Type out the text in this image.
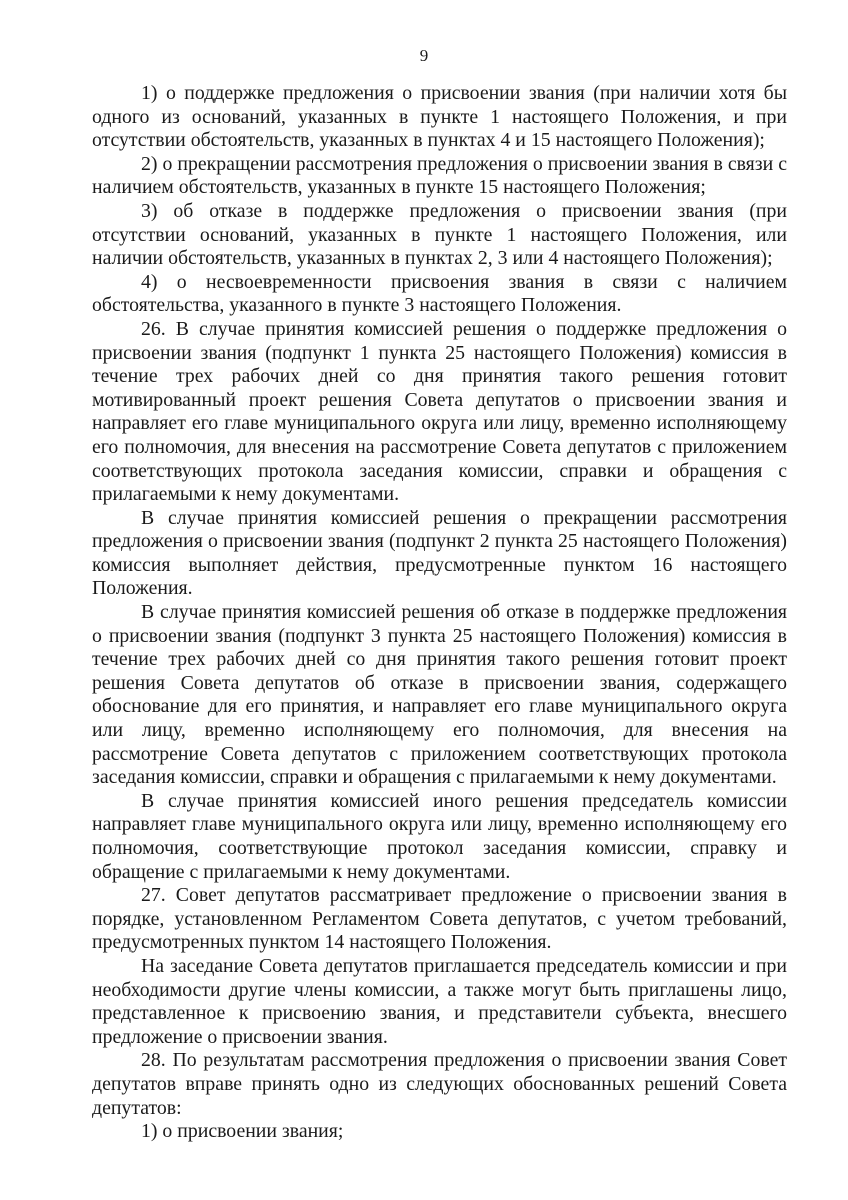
9

1) о поддержке предложения о присвоении звания (при наличии хотя бы одного из оснований, указанных в пункте 1 настоящего Положения, и при отсутствии обстоятельств, указанных в пунктах 4 и 15 настоящего Положения);

2) о прекращении рассмотрения предложения о присвоении звания в связи с наличием обстоятельств, указанных в пункте 15 настоящего Положения;

3) об отказе в поддержке предложения о присвоении звания (при отсутствии оснований, указанных в пункте 1 настоящего Положения, или наличии обстоятельств, указанных в пунктах 2, 3 или 4 настоящего Положения);

4) о несвоевременности присвоения звания в связи с наличием обстоятельства, указанного в пункте 3 настоящего Положения.

26. В случае принятия комиссией решения о поддержке предложения о присвоении звания (подпункт 1 пункта 25 настоящего Положения) комиссия в течение трех рабочих дней со дня принятия такого решения готовит мотивированный проект решения Совета депутатов о присвоении звания и направляет его главе муниципального округа или лицу, временно исполняющему его полномочия, для внесения на рассмотрение Совета депутатов с приложением соответствующих протокола заседания комиссии, справки и обращения с прилагаемыми к нему документами.

В случае принятия комиссией решения о прекращении рассмотрения предложения о присвоении звания (подпункт 2 пункта 25 настоящего Положения) комиссия выполняет действия, предусмотренные пунктом 16 настоящего Положения.

В случае принятия комиссией решения об отказе в поддержке предложения о присвоении звания (подпункт 3 пункта 25 настоящего Положения) комиссия в течение трех рабочих дней со дня принятия такого решения готовит проект решения Совета депутатов об отказе в присвоении звания, содержащего обоснование для его принятия, и направляет его главе муниципального округа или лицу, временно исполняющему его полномочия, для внесения на рассмотрение Совета депутатов с приложением соответствующих протокола заседания комиссии, справки и обращения с прилагаемыми к нему документами.

В случае принятия комиссией иного решения председатель комиссии направляет главе муниципального округа или лицу, временно исполняющему его полномочия, соответствующие протокол заседания комиссии, справку и обращение с прилагаемыми к нему документами.

27. Совет депутатов рассматривает предложение о присвоении звания в порядке, установленном Регламентом Совета депутатов, с учетом требований, предусмотренных пунктом 14 настоящего Положения.

На заседание Совета депутатов приглашается председатель комиссии и при необходимости другие члены комиссии, а также могут быть приглашены лицо, представленное к присвоению звания, и представители субъекта, внесшего предложение о присвоении звания.

28. По результатам рассмотрения предложения о присвоении звания Совет депутатов вправе принять одно из следующих обоснованных решений Совета депутатов:

1) о присвоении звания;
